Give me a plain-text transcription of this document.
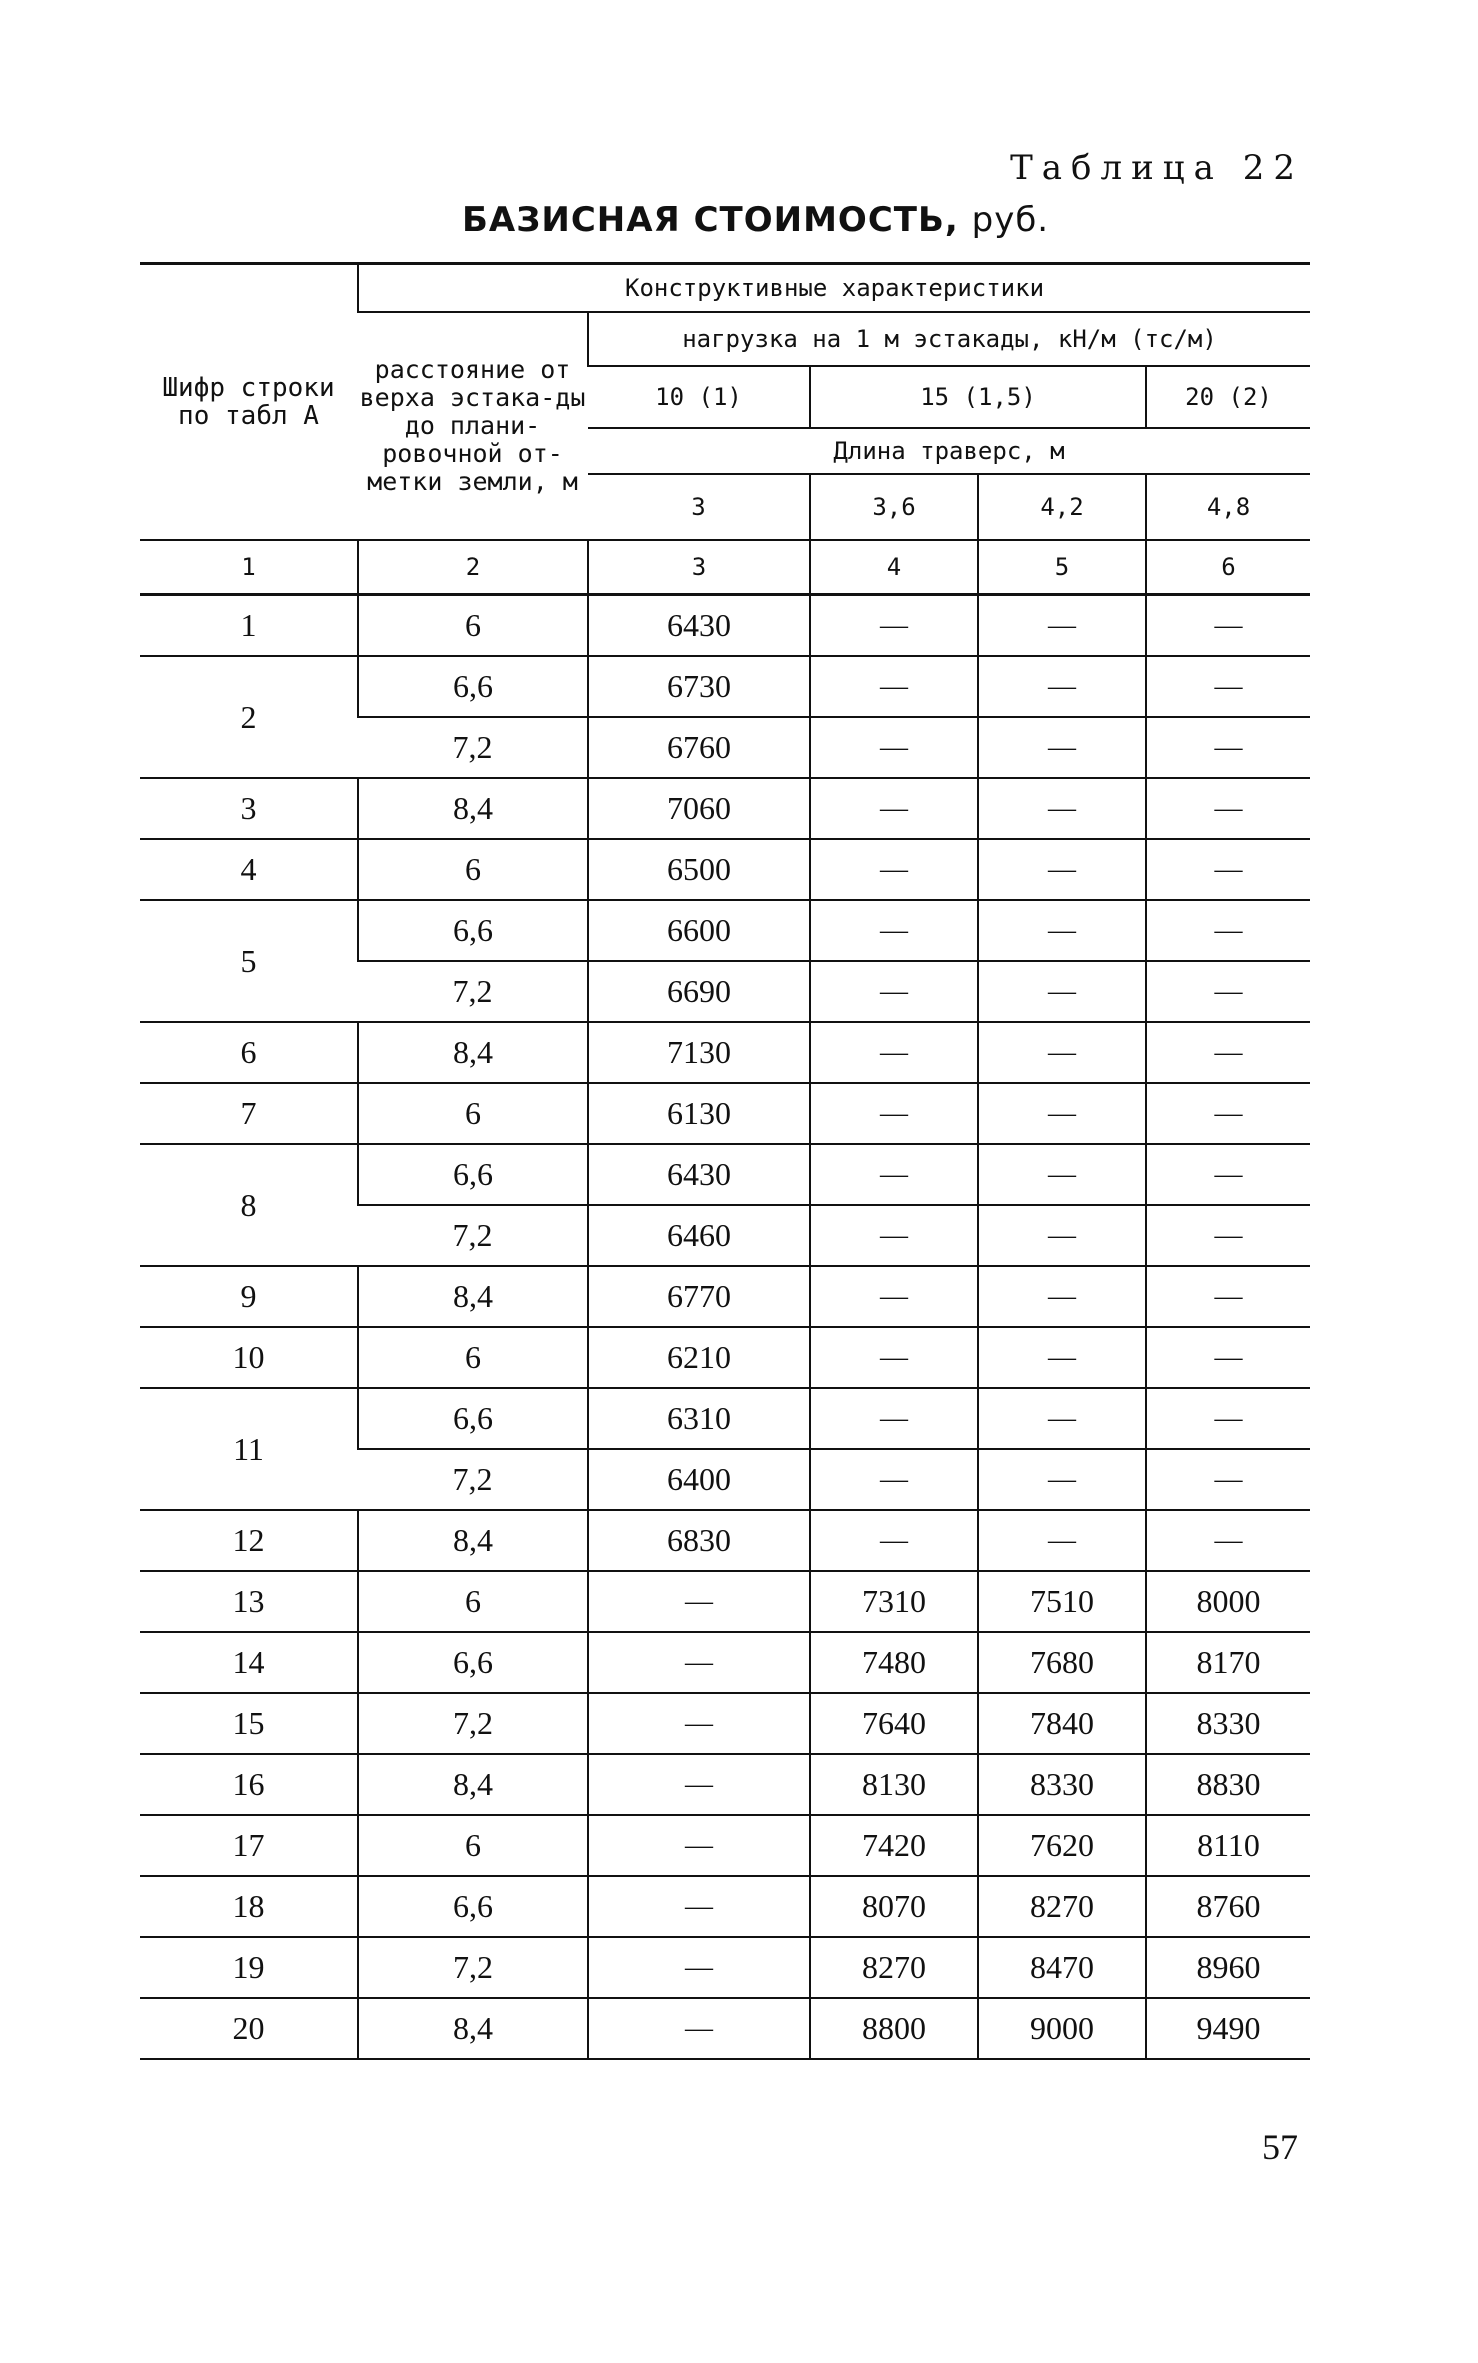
Таблица 22
БАЗИСНАЯ СТОИМОСТЬ, руб.
Шифр строки по табл А	Конструктивные характеристики				
	расстояние от верха эстака-ды до плани-ровочной от-метки земли, м	нагрузка на 1 м эстакады, кН/м (тс/м)			
		10 (1)	15 (1,5)		20 (2)
		Длина траверс, м			
		3	3,6	4,2	4,8
1	2	3	4	5	6
1	6	6430	—	—	—
2	6,6	6730	—	—	—
	7,2	6760	—	—	—
3	8,4	7060	—	—	—
4	6	6500	—	—	—
5	6,6	6600	—	—	—
	7,2	6690	—	—	—
6	8,4	7130	—	—	—
7	6	6130	—	—	—
8	6,6	6430	—	—	—
	7,2	6460	—	—	—
9	8,4	6770	—	—	—
10	6	6210	—	—	—
11	6,6	6310	—	—	—
	7,2	6400	—	—	—
12	8,4	6830	—	—	—
13	6	—	7310	7510	8000
14	6,6	—	7480	7680	8170
15	7,2	—	7640	7840	8330
16	8,4	—	8130	8330	8830
17	6	—	7420	7620	8110
18	6,6	—	8070	8270	8760
19	7,2	—	8270	8470	8960
20	8,4	—	8800	9000	9490
57
